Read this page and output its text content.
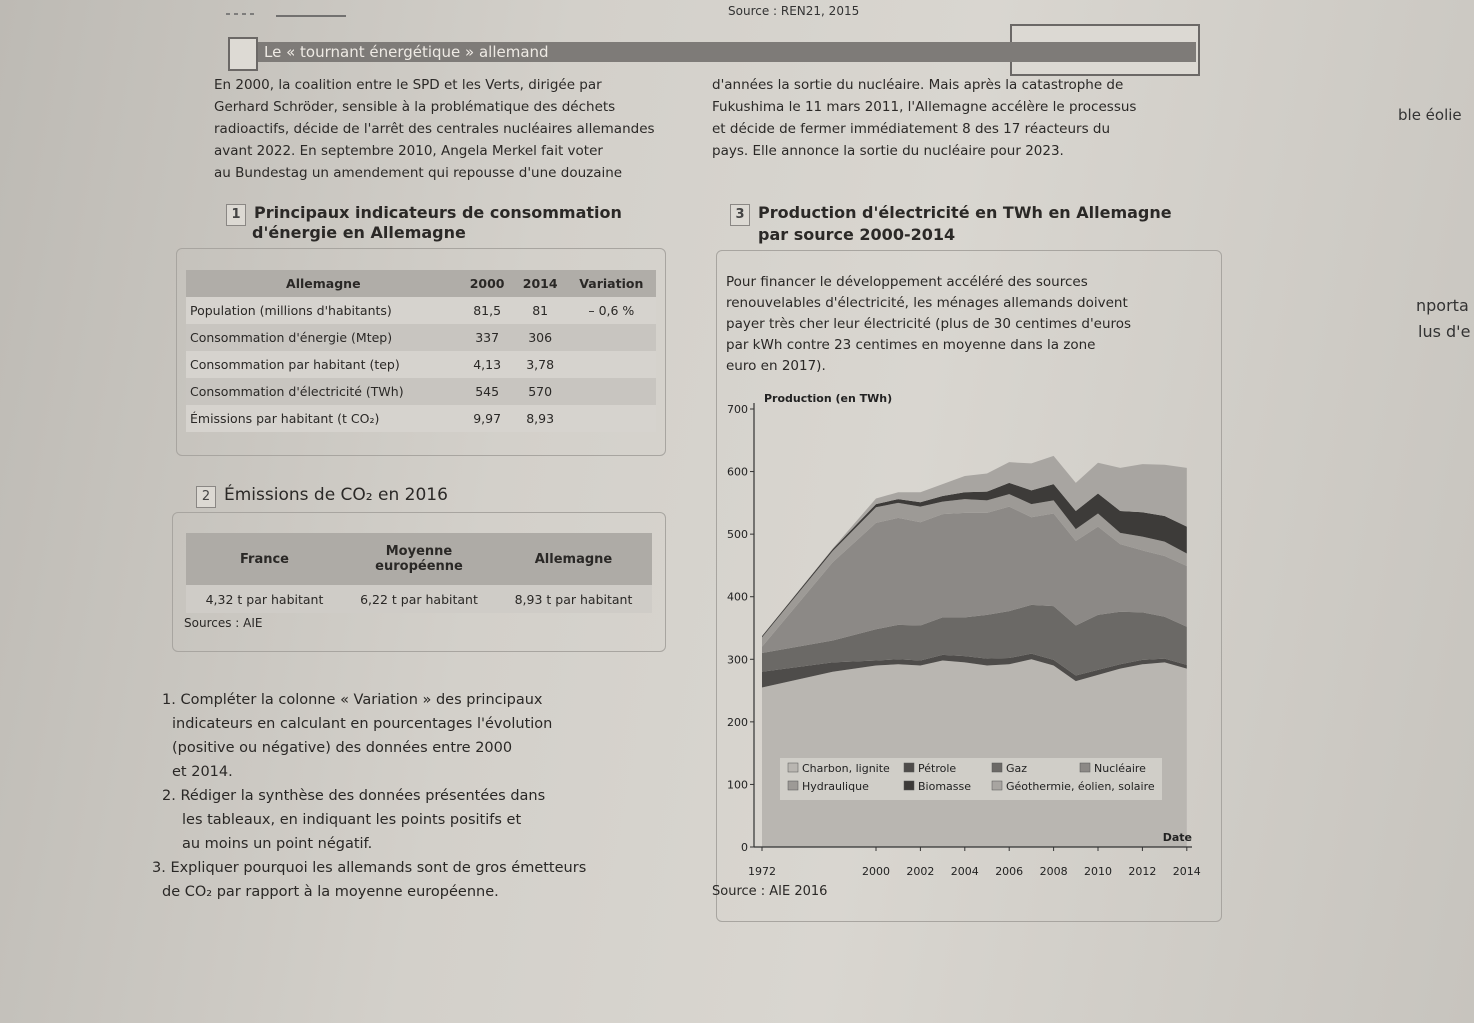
Source : REN21, 2015
Le « tournant énergétique » allemand
En 2000, la coalition entre le SPD et les Verts, dirigée par
Gerhard Schröder, sensible à la problématique des déchets
radioactifs, décide de l'arrêt des centrales nucléaires allemandes
avant 2022. En septembre 2010, Angela Merkel fait voter
au Bundestag un amendement qui repousse d'une douzaine
d'années la sortie du nucléaire. Mais après la catastrophe de
Fukushima le 11 mars 2011, l'Allemagne accélère le processus
et décide de fermer immédiatement 8 des 17 réacteurs du
pays. Elle annonce la sortie du nucléaire pour 2023.
ble éolie
nporta
lus d'e
1 Principaux indicateurs de consommation
d'énergie en Allemagne
Allemagne	2000	2014	Variation
Population (millions d'habitants)	81,5	81	– 0,6 %
Consommation d'énergie (Mtep)	337	306	
Consommation par habitant (tep)	4,13	3,78	
Consommation d'électricité (TWh)	545	570	
Émissions par habitant (t CO₂)	9,97	8,93	
2 Émissions de CO₂ en 2016
France	Moyenne européenne	Allemagne
4,32 t par habitant	6,22 t par habitant	8,93 t par habitant
Sources : AIE
1. Compléter la colonne « Variation » des principaux
indicateurs en calculant en pourcentages l'évolution
(positive ou négative) des données entre 2000
et 2014.
2. Rédiger la synthèse des données présentées dans
les tableaux, en indiquant les points positifs et
au moins un point négatif.
3. Expliquer pourquoi les allemands sont de gros émetteurs
de CO₂ par rapport à la moyenne européenne.
3 Production d'électricité en TWh en Allemagne
par source 2000-2014
Pour financer le développement accéléré des sources
renouvelables d'électricité, les ménages allemands doivent
payer très cher leur électricité (plus de 30 centimes d'euros
par kWh contre 23 centimes en moyenne dans la zone
euro en 2017).
0
100
200
300
400
500
600
700
1972	2000 2002 2004 2006 2008 2010 2012 2014
Production (en TWh)
Date
Charbon, lignite	Pétrole	Gaz	Nucléaire
Hydraulique	Biomasse	Géothermie, éolien, solaire
Source : AIE 2016
